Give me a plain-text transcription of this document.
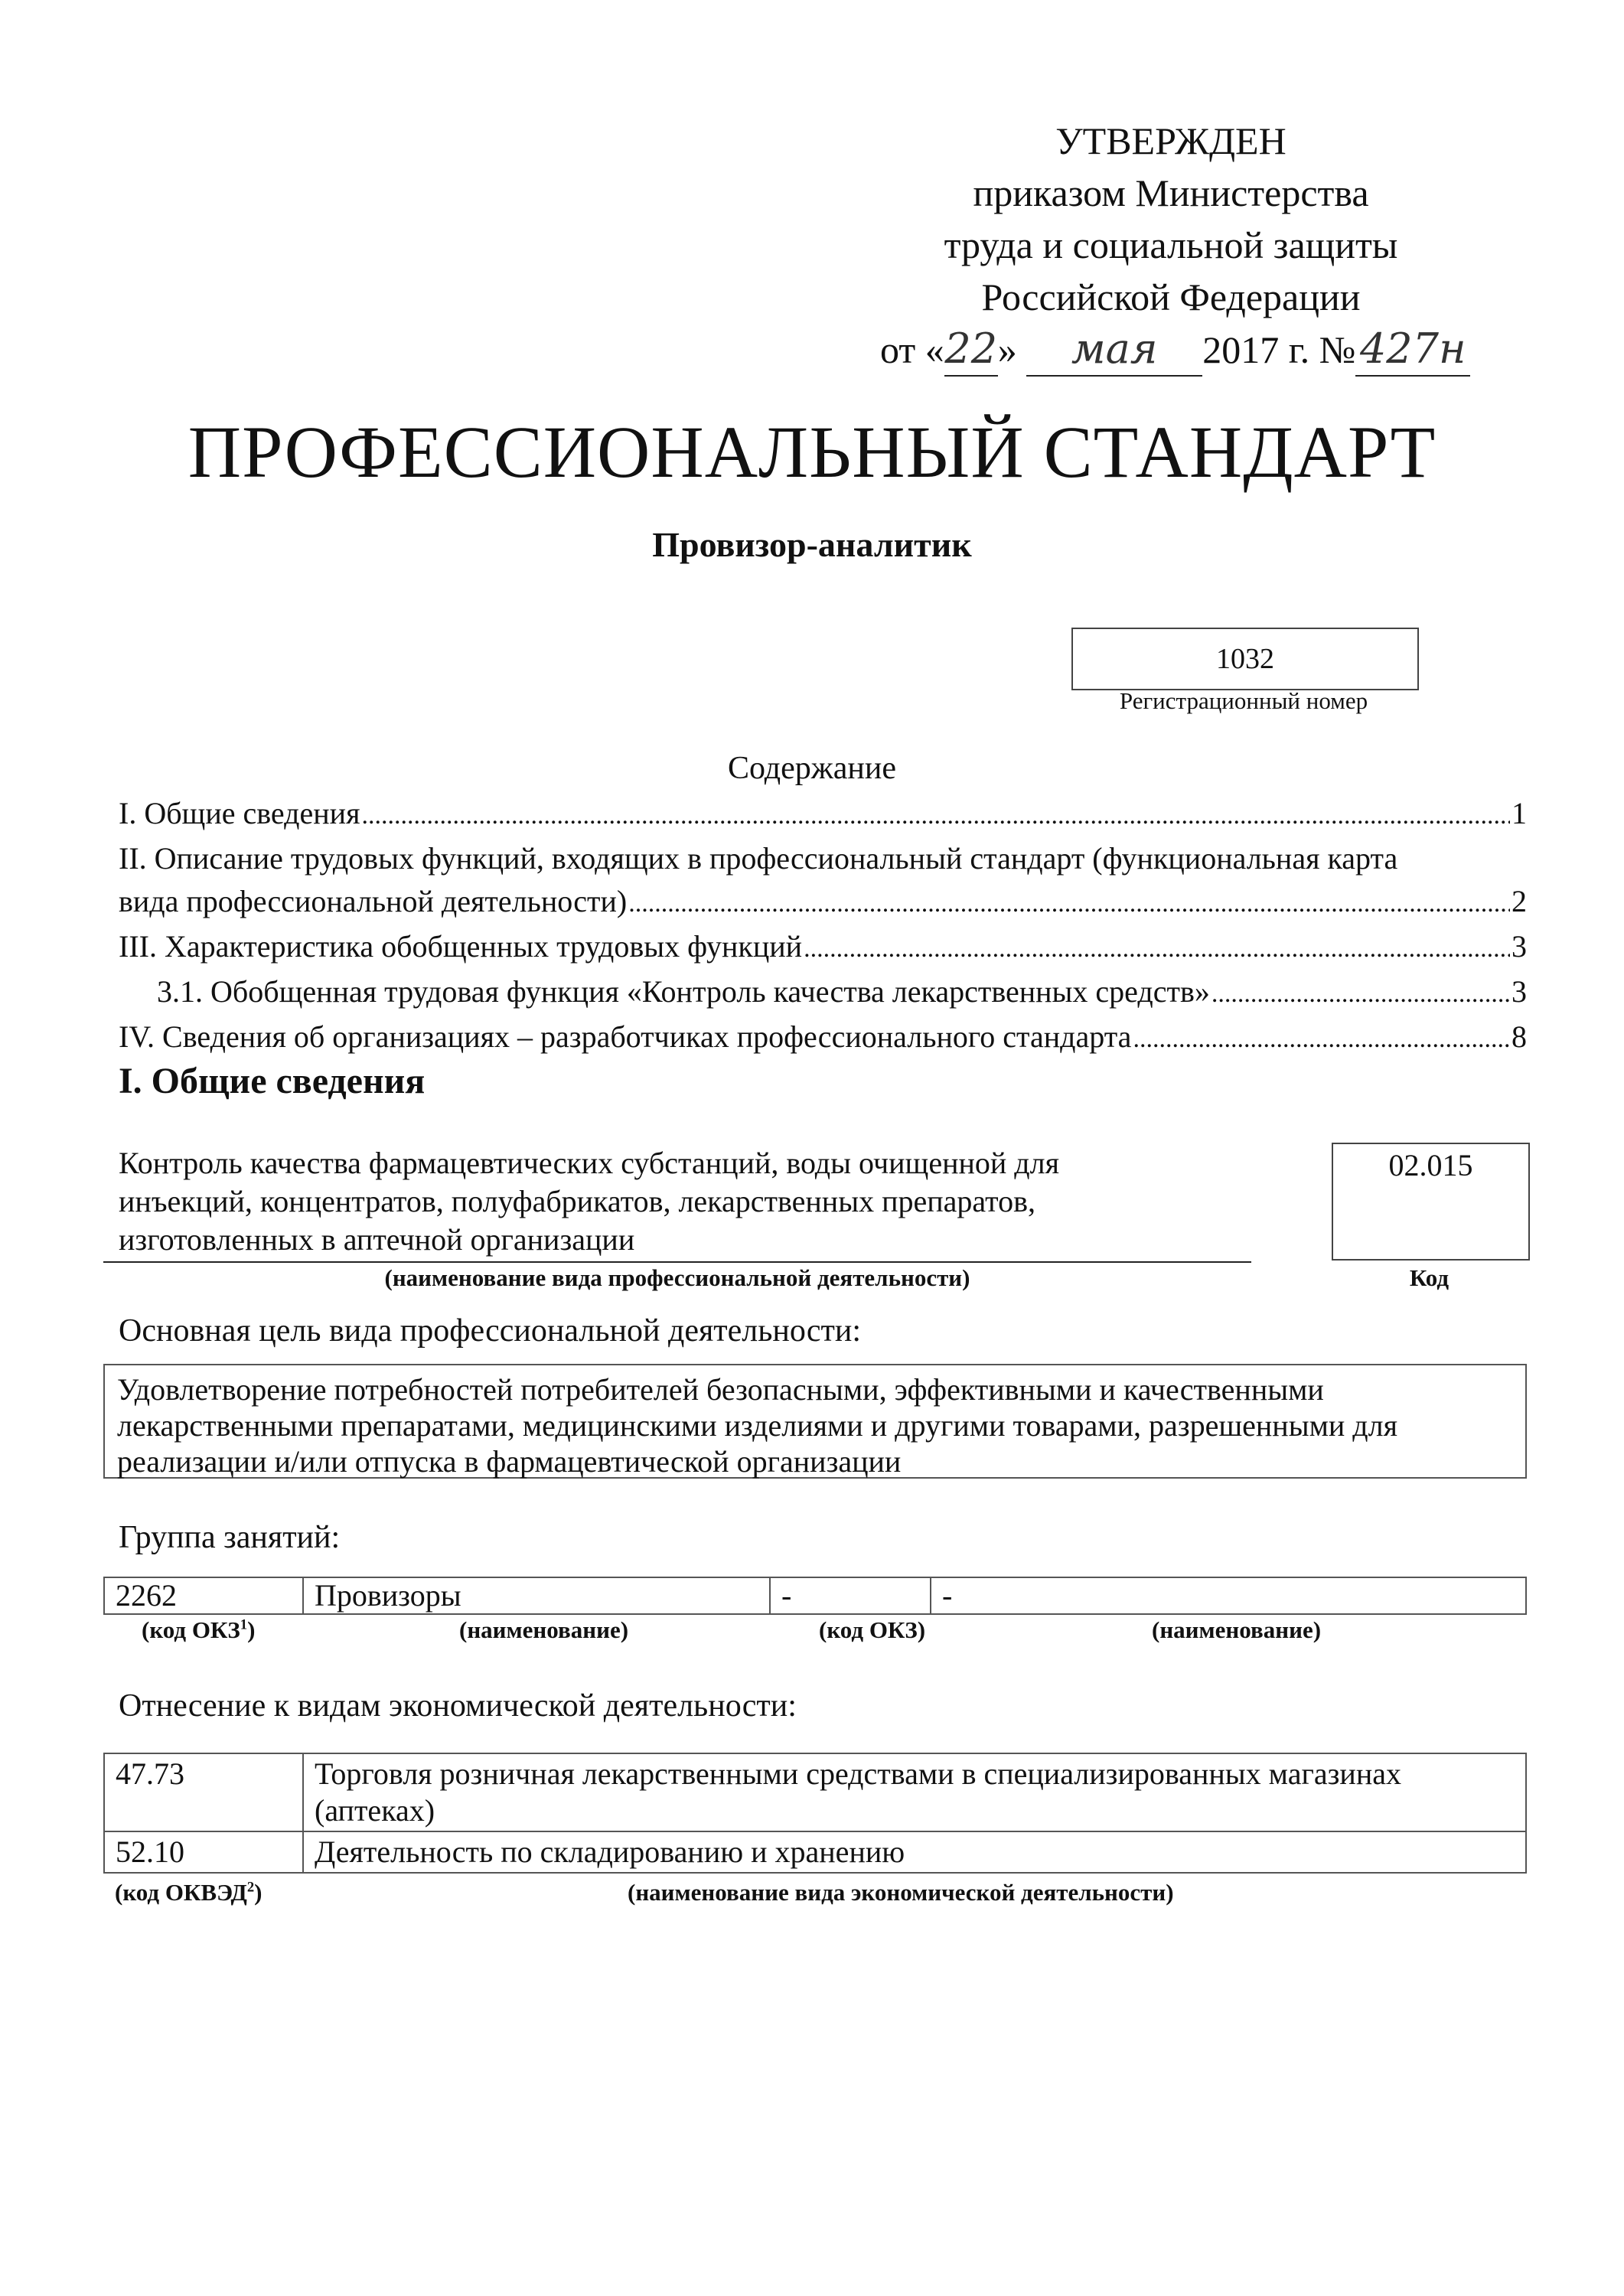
УТВЕРЖДЕН
приказом Министерства
труда и социальной защиты
Российской Федерации
от «22» мая 2017 г. № 427н
ПРОФЕССИОНАЛЬНЫЙ СТАНДАРТ
Провизор-аналитик
1032
Регистрационный номер
Содержание
I. Общие сведения .....	1
II. Описание трудовых функций, входящих в профессиональный стандарт (функциональная карта
вида профессиональной деятельности) .....	2
III. Характеристика обобщенных трудовых функций .....	3
3.1. Обобщенная трудовая функция «Контроль качества лекарственных средств» .....	3
IV. Сведения об организациях – разработчиках профессионального стандарта .....	8
I. Общие сведения
Контроль качества фармацевтических субстанций, воды очищенной для
инъекций, концентратов, полуфабрикатов, лекарственных препаратов,
изготовленных в аптечной организации
(наименование вида профессиональной деятельности)
02.015
Код
Основная цель вида профессиональной деятельности:
Удовлетворение потребностей потребителей безопасными, эффективными и качественными
лекарственными препаратами, медицинскими изделиями и другими товарами, разрешенными для
реализации и/или отпуска в фармацевтической организации
Группа занятий:
2262	Провизоры	-	-
(код ОКЗ$^1$)	(наименование)	(код ОКЗ)	(наименование)
Отнесение к видам экономической деятельности:
47.73	Торговля розничная лекарственными средствами в специализированных магазинах
(аптеках)

52.10	Деятельность по складированию и хранению
(код ОКВЭД$^2$)	(наименование вида экономической деятельности)
